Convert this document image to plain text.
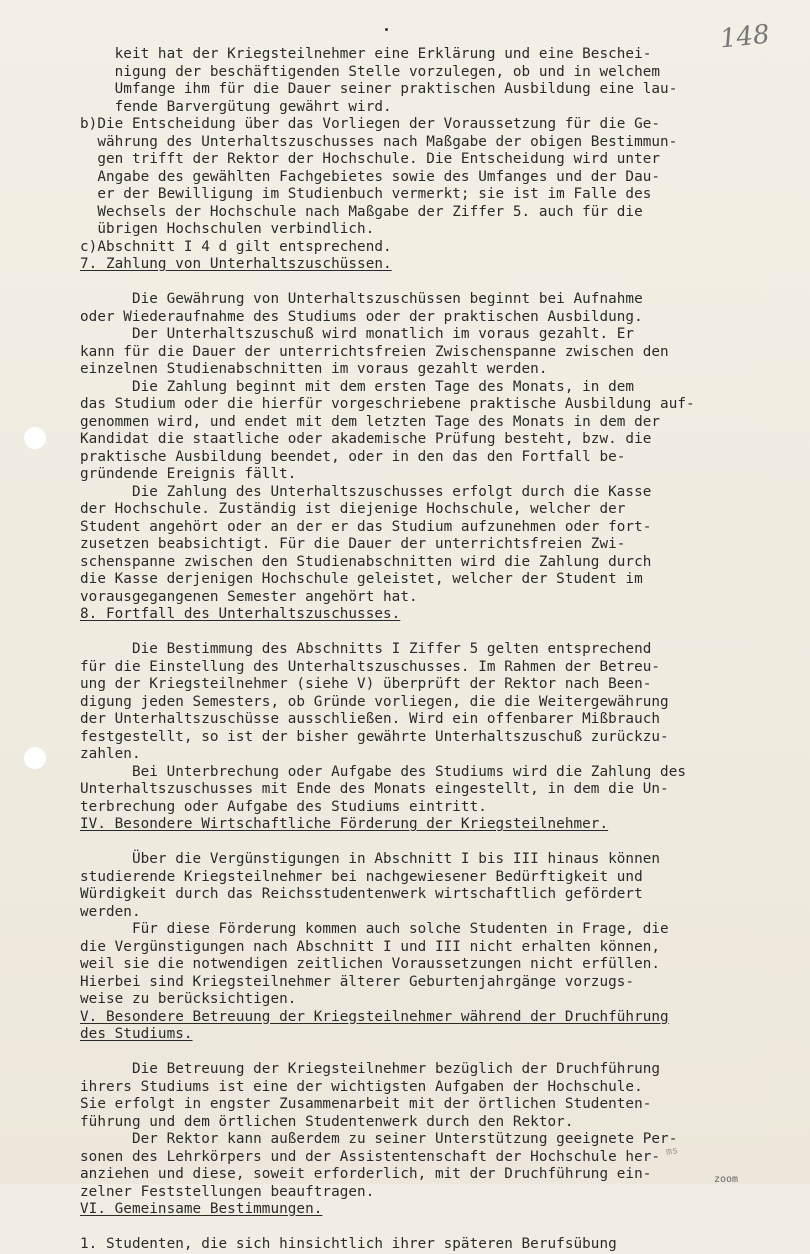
148
ms
zoom
keit hat der Kriegsteilnehmer eine Erklärung und eine Beschei-
nigung der beschäftigenden Stelle vorzulegen, ob und in welchem
Umfange ihm für die Dauer seiner praktischen Ausbildung eine lau-
fende Barvergütung gewährt wird.
b)Die Entscheidung über das Vorliegen der Voraussetzung für die Ge-
währung des Unterhaltszuschusses nach Maßgabe der obigen Bestimmun-
gen trifft der Rektor der Hochschule. Die Entscheidung wird unter
Angabe des gewählten Fachgebietes sowie des Umfanges und der Dau-
er der Bewilligung im Studienbuch vermerkt; sie ist im Falle des
Wechsels der Hochschule nach Maßgabe der Ziffer 5. auch für die
übrigen Hochschulen verbindlich.
c)Abschnitt I 4 d gilt entsprechend.
7. Zahlung von Unterhaltszuschüssen.
Die Gewährung von Unterhaltszuschüssen beginnt bei Aufnahme
oder Wiederaufnahme des Studiums oder der praktischen Ausbildung.
Der Unterhaltszuschuß wird monatlich im voraus gezahlt. Er
kann für die Dauer der unterrichtsfreien Zwischenspanne zwischen den
einzelnen Studienabschnitten im voraus gezahlt werden.
Die Zahlung beginnt mit dem ersten Tage des Monats, in dem
das Studium oder die hierfür vorgeschriebene praktische Ausbildung auf-
genommen wird, und endet mit dem letzten Tage des Monats in dem der
Kandidat die staatliche oder akademische Prüfung besteht, bzw. die
praktische Ausbildung beendet, oder in den das den Fortfall be-
gründende Ereignis fällt.
Die Zahlung des Unterhaltszuschusses erfolgt durch die Kasse
der Hochschule. Zuständig ist diejenige Hochschule, welcher der
Student angehört oder an der er das Studium aufzunehmen oder fort-
zusetzen beabsichtigt. Für die Dauer der unterrichtsfreien Zwi-
schenspanne zwischen den Studienabschnitten wird die Zahlung durch
die Kasse derjenigen Hochschule geleistet, welcher der Student im
vorausgegangenen Semester angehört hat.
8. Fortfall des Unterhaltszuschusses.
Die Bestimmung des Abschnitts I Ziffer 5 gelten entsprechend
für die Einstellung des Unterhaltszuschusses. Im Rahmen der Betreu-
ung der Kriegsteilnehmer (siehe V) überprüft der Rektor nach Been-
digung jeden Semesters, ob Gründe vorliegen, die die Weitergewährung
der Unterhaltszuschüsse ausschließen. Wird ein offenbarer Mißbrauch
festgestellt, so ist der bisher gewährte Unterhaltszuschuß zurückzu-
zahlen.
Bei Unterbrechung oder Aufgabe des Studiums wird die Zahlung des
Unterhaltszuschusses mit Ende des Monats eingestellt, in dem die Un-
terbrechung oder Aufgabe des Studiums eintritt.
IV. Besondere Wirtschaftliche Förderung der Kriegsteilnehmer.
Über die Vergünstigungen in Abschnitt I bis III hinaus können
studierende Kriegsteilnehmer bei nachgewiesener Bedürftigkeit und
Würdigkeit durch das Reichsstudentenwerk wirtschaftlich gefördert
werden.
Für diese Förderung kommen auch solche Studenten in Frage, die
die Vergünstigungen nach Abschnitt I und III nicht erhalten können,
weil sie die notwendigen zeitlichen Voraussetzungen nicht erfüllen.
Hierbei sind Kriegsteilnehmer älterer Geburtenjahrgänge vorzugs-
weise zu berücksichtigen.
V. Besondere Betreuung der Kriegsteilnehmer während der Druchführung
des Studiums.
Die Betreuung der Kriegsteilnehmer bezüglich der Druchführung
ihrers Studiums ist eine der wichtigsten Aufgaben der Hochschule.
Sie erfolgt in engster Zusammenarbeit mit der örtlichen Studenten-
führung und dem örtlichen Studentenwerk durch den Rektor.
Der Rektor kann außerdem zu seiner Unterstützung geeignete Per-
sonen des Lehrkörpers und der Assistentenschaft der Hochschule her-
anziehen und diese, soweit erforderlich, mit der Druchführung ein-
zelner Feststellungen beauftragen.
VI. Gemeinsame Bestimmungen.
1. Studenten, die sich hinsichtlich ihrer späteren Berufsübung
